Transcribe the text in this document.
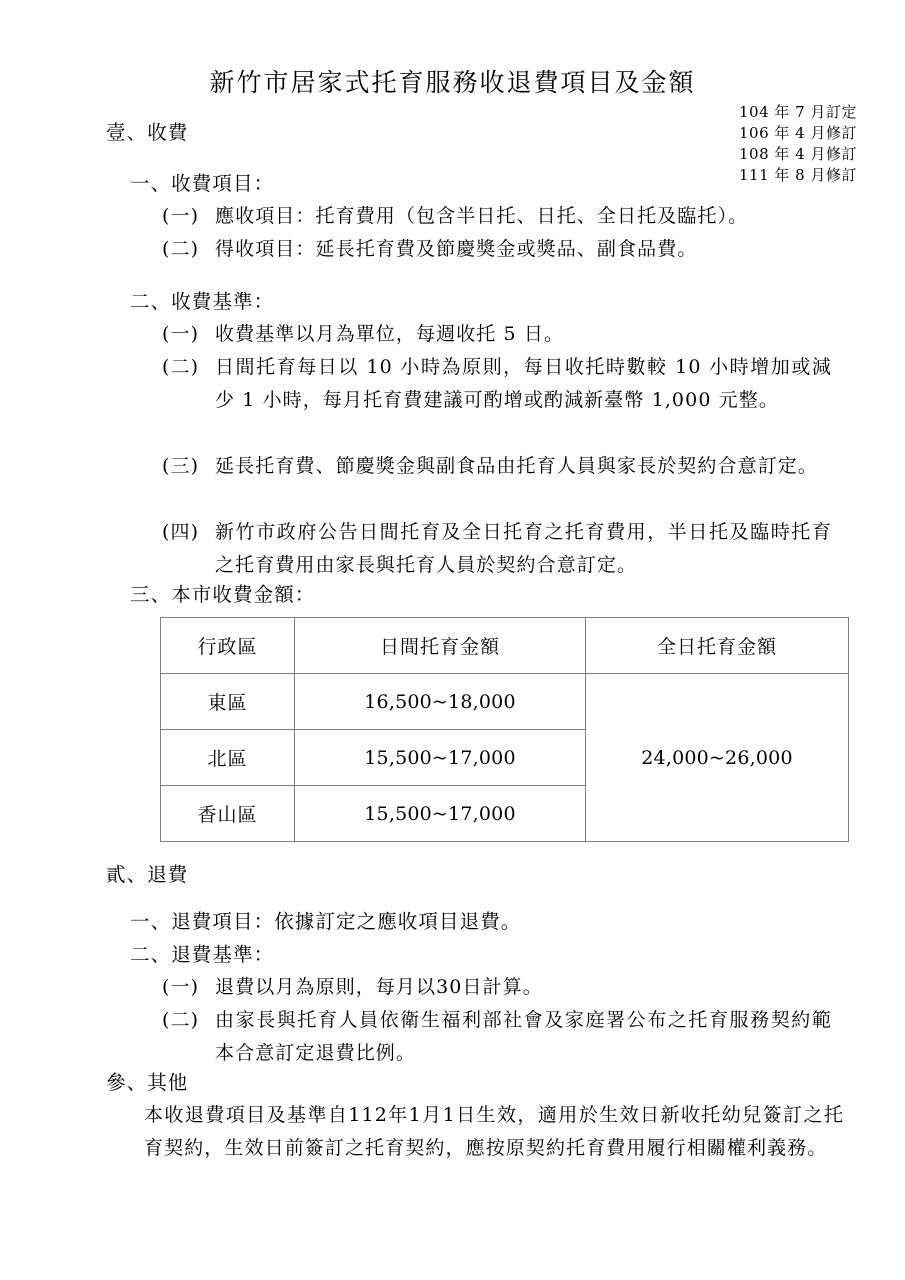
新竹市居家式托育服務收退費項目及金額
104 年 7 月訂定
106 年 4 月修訂
108 年 4 月修訂
111 年 8 月修訂
壹、收費
一、收費項目：
(一) 應收項目：托育費用（包含半日托、日托、全日托及臨托）。
(二) 得收項目：延長托育費及節慶獎金或獎品、副食品費。
二、收費基準：
(一) 收費基準以月為單位，每週收托 5 日。
(二) 日間托育每日以 10 小時為原則，每日收托時數較 10 小時增加或減少 1 小時，每月托育費建議可酌增或酌減新臺幣 1,000 元整。
(三) 延長托育費、節慶獎金與副食品由托育人員與家長於契約合意訂定。
(四) 新竹市政府公告日間托育及全日托育之托育費用，半日托及臨時托育之托育費用由家長與托育人員於契約合意訂定。
三、本市收費金額：
行政區	日間托育金額	全日托育金額
東區	16,500~18,000	24,000~26,000
北區	15,500~17,000	
香山區	15,500~17,000	
貳、退費
一、退費項目：依據訂定之應收項目退費。
二、退費基準：
(一) 退費以月為原則，每月以30日計算。
(二) 由家長與托育人員依衛生福利部社會及家庭署公布之托育服務契約範本合意訂定退費比例。
參、其他
本收退費項目及基準自112年1月1日生效，適用於生效日新收托幼兒簽訂之托育契約，生效日前簽訂之托育契約，應按原契約托育費用履行相關權利義務。
